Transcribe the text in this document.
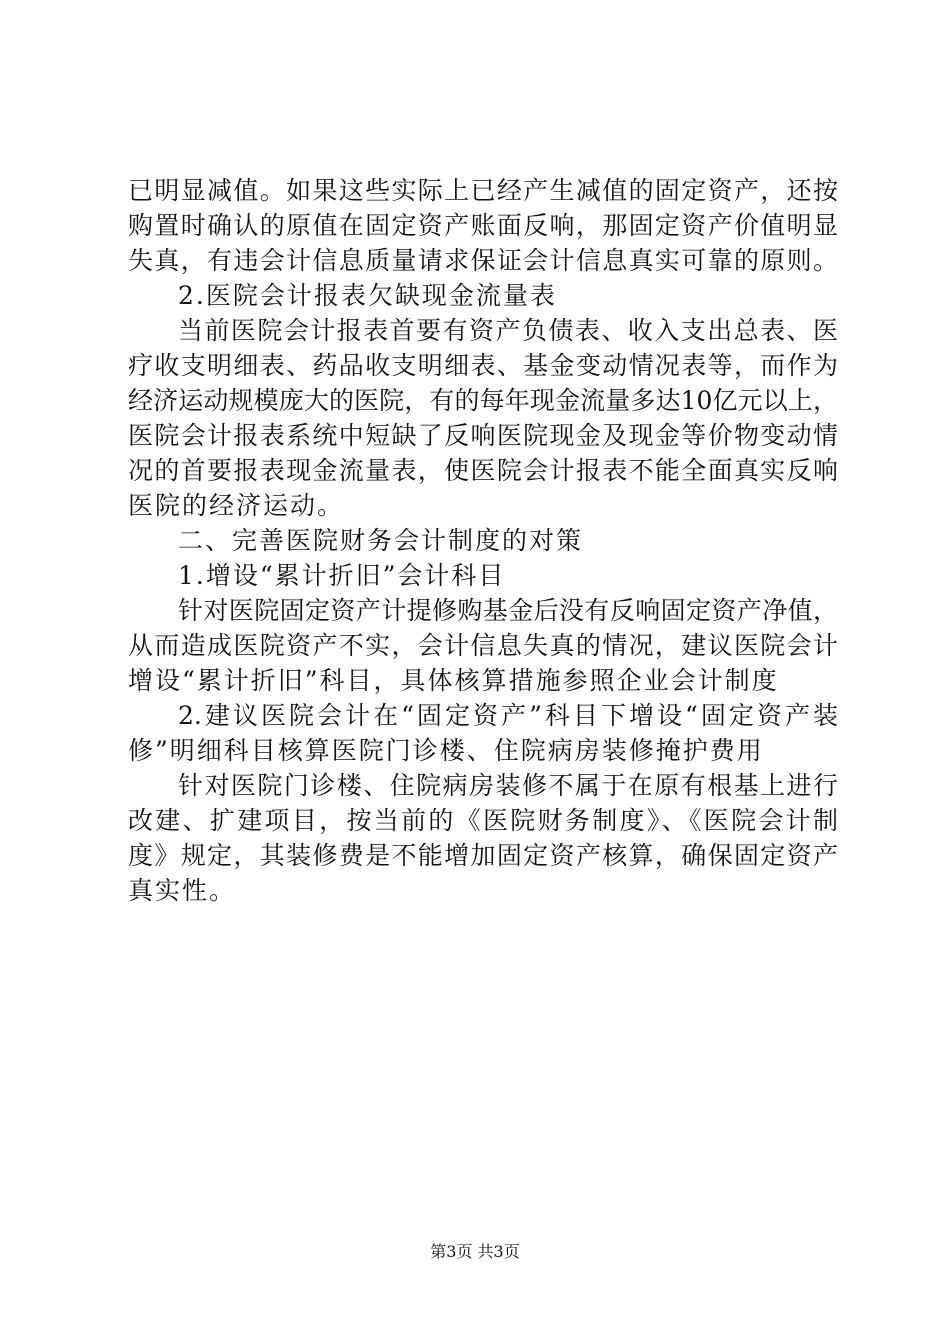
已明显减值。如果这些实际上已经产生减值的固定资产，还按
购置时确认的原值在固定资产账面反响，那固定资产价值明显
失真，有违会计信息质量请求保证会计信息真实可靠的原则。
2.医院会计报表欠缺现金流量表
当前医院会计报表首要有资产负债表、收入支出总表、医
疗收支明细表、药品收支明细表、基金变动情况表等，而作为
经济运动规模庞大的医院，有的每年现金流量多达10亿元以上，
医院会计报表系统中短缺了反响医院现金及现金等价物变动情
况的首要报表现金流量表，使医院会计报表不能全面真实反响
医院的经济运动。
二、完善医院财务会计制度的对策
1.增设“累计折旧”会计科目
针对医院固定资产计提修购基金后没有反响固定资产净值，
从而造成医院资产不实，会计信息失真的情况，建议医院会计
增设“累计折旧”科目，具体核算措施参照企业会计制度
2.建议医院会计在“固定资产”科目下增设“固定资产装
修”明细科目核算医院门诊楼、住院病房装修掩护费用
针对医院门诊楼、住院病房装修不属于在原有根基上进行
改建、扩建项目，按当前的《医院财务制度》、《医院会计制
度》规定，其装修费是不能增加固定资产核算，确保固定资产
真实性。
第3页 共3页
